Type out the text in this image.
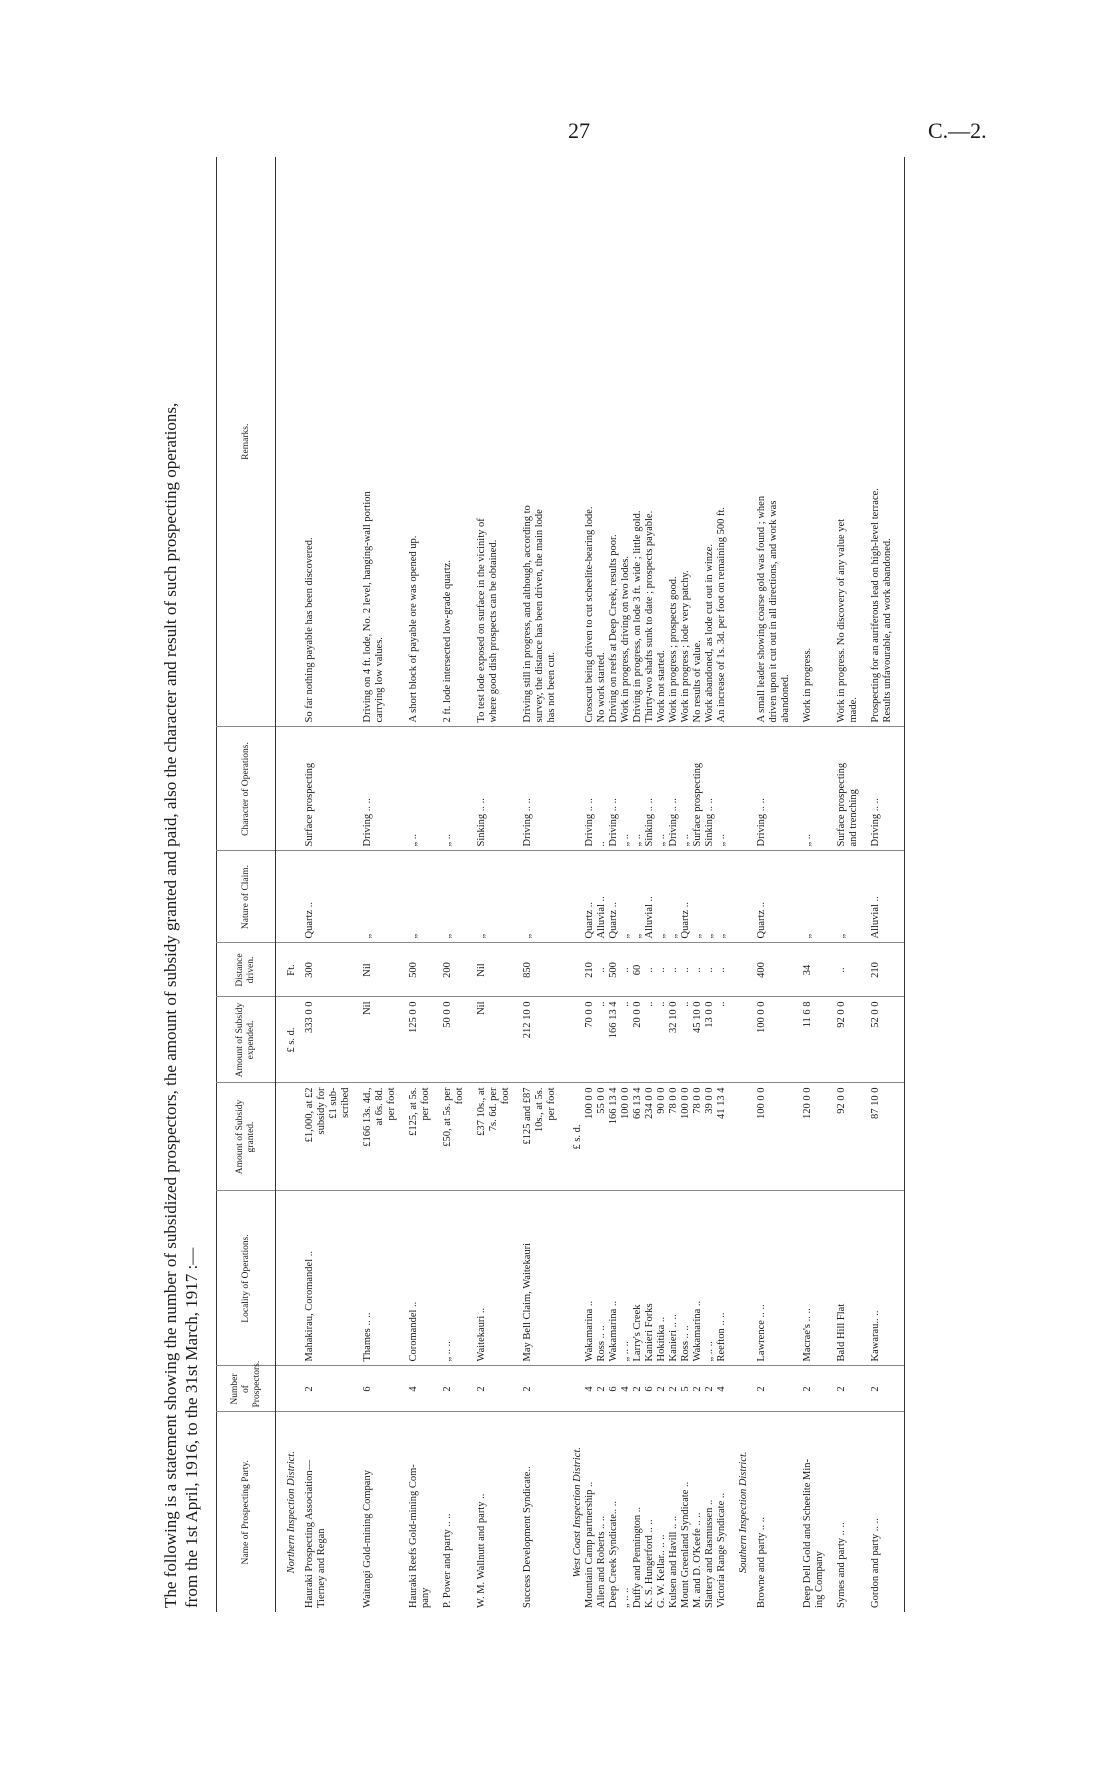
27	C.—2.
The following is a statement showing the number of subsidized prospectors, the amount of subsidy granted and paid, also the character and result of such prospecting operations, from the 1st April, 1916, to the 31st March, 1917 :—	Name of Prospecting Party.	Number of Prospectors.	Locality of Operations.	Amount of Subsidy granted.	Amount of Subsidy expended.	Distance driven.	Nature of Claim.	Character of Operations.	Remarks.
Northern Inspection District.				£ s. d.	Ft.			
Hauraki Prospecting Association—
Tierney and Regan	2	Mahakirau, Coromandel ..	£1,000, at £2
subsidy for
£1 sub-
scribed	333 0 0	300	Quartz ..	Surface prospecting	So far nothing payable has been discovered.
Waitangi Gold-mining Company	6	Thames .. ..	£166 13s. 4d.,
at 6s. 8d.
per foot	Nil	Nil	„	Driving .. ..	Driving on 4 ft. lode, No. 2 level, hanging-wall portion
carrying low values.
Hauraki Reefs Gold-mining Com-
pany	4	Coromandel ..	£125, at 5s.
per foot	125 0 0	500	„	„ ..	A short block of payable ore was opened up.
P. Power and party .. ..	2	„ .. ..	£50, at 5s. per
foot	50 0 0	200	„	„ ..	2 ft. lode intersected low-grade quartz.
W. M. Wallnutt and party ..	2	Waitekauri ..	£37 10s., at
7s. 6d. per
foot	Nil	Nil	„	Sinking .. ..	To test lode exposed on surface in the vicinity of
where good dish prospects can be obtained.
Success Development Syndicate..	2	May Bell Claim, Waitekauri	£125 and £87
10s., at 5s.
per foot	212 10 0	850	„	Driving .. ..	Driving still in progress, and although, according to
survey, the distance has been driven, the main lode
has not been cut.
West Coast Inspection District.			£ s. d.					
Mountain Camp partnership ..	4	Wakamarina ..	100 0 0	70 0 0	210	Quartz ..	Driving .. ..	Crosscut being driven to cut scheelite-bearing lode.
Allen and Roberts .. ..	2	Ross .. ..	55 0 0	..	..	Alluvial ..	..	No work started.
Deep Creek Syndicate.. ..	6	Wakamarina ..	166 13 4	166 13 4	500	Quartz ..	Driving .. ..	Driving on reefs at Deep Creek, results poor.
„ .. ..	4	„ .. ..	100 0 0	..	..	„	„ ..	Work in progress, driving on two lodes.
Duffy and Pennington ..	2	Larry's Creek	66 13 4	20 0 0	60	„	„ ..	Driving in progress, on lode 3 ft. wide ; little gold.
K. S. Hungerford .. ..	6	Kanieri Forks	234 0 0	..	..	Alluvial ..	Sinking .. ..	Thirty-two shafts sunk to date ; prospects payable.
G. W. Kellar.. .. ..	2	Hokitika ..	90 0 0	..	..	„	„ ..	Work not started.
Kulsen and Havill .. ..	2	Kanieri .. ..	78 0 0	32 10 0	..	„	Driving .. ..	Work in progress ; prospects good.
Mount Greenland Syndicate ..	5	Ross .. ..	100 0 0	..	..	Quartz ..	„ ..	Work in progress ; lode very patchy.
M. and D. O'Keefe .. ..	2	Wakamarina ..	78 0 0	45 10 0	..	„	Surface prospecting	No results of value.
Slattery and Rasmussen ..	2	„ .. ..	39 0 0	13 0 0	..	„	Sinking .. ..	Work abandoned, as lode cut out in winze.
Victoria Range Syndicate ..	4	Reefton .. ..	41 13 4	..	..	„	„ ..	An increase of 1s. 3d. per foot on remaining 500 ft.
Southern Inspection District.								
Browne and party .. ..	2	Lawrence .. ..	100 0 0	100 0 0	400	Quartz ..	Driving .. ..	A small leader showing coarse gold was found ; when
driven upon it cut out in all directions, and work was
abandoned.
Deep Dell Gold and Scheelite Min-
ing Company	2	Macrae's .. ..	120 0 0	11 6 8	34	„	„ ..	Work in progress.
Symes and party .. ..	2	Bald Hill Flat	92 0 0	92 0 0	..	„	Surface prospecting
and trenching	Work in progress. No discovery of any value yet
made.
Gordon and party .. ..	2	Kawarau.. ..	87 10 0	52 0 0	210	Alluvial ..	Driving .. ..	Prospecting for an auriferous lead on high-level terrace.
Results unfavourable, and work abandoned.
